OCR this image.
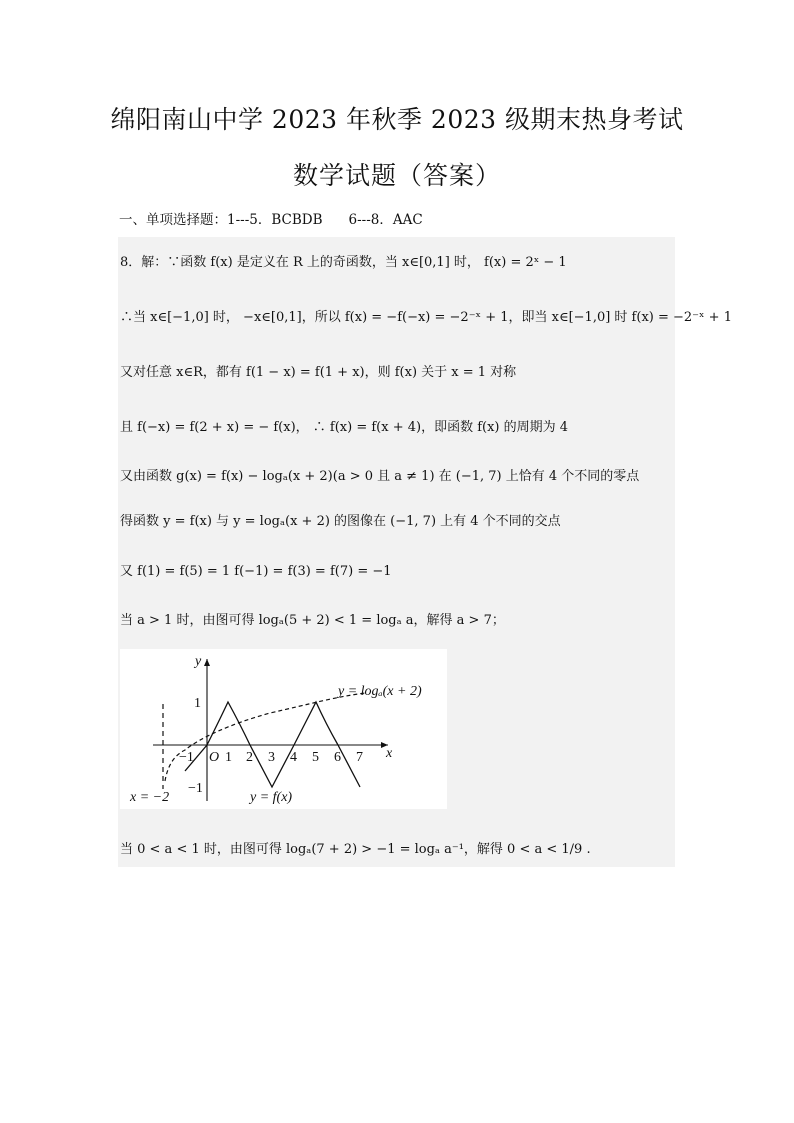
绵阳南山中学 2023 年秋季 2023 级期末热身考试
数学试题（答案）
一、单项选择题：1---5．BCBDB 6---8．AAC
8．解：∵函数 f(x) 是定义在 R 上的奇函数，当 x∈[0,1] 时， f(x) = 2ˣ − 1
∴当 x∈[−1,0] 时， −x∈[0,1]，所以 f(x) = −f(−x) = −2⁻ˣ + 1，即当 x∈[−1,0] 时 f(x) = −2⁻ˣ + 1
又对任意 x∈R，都有 f(1 − x) = f(1 + x)，则 f(x) 关于 x = 1 对称
且 f(−x) = f(2 + x) = − f(x)， ∴ f(x) = f(x + 4)，即函数 f(x) 的周期为 4
又由函数 g(x) = f(x) − logₐ(x + 2)(a > 0 且 a ≠ 1) 在 (−1, 7) 上恰有 4 个不同的零点
得函数 y = f(x) 与 y = logₐ(x + 2) 的图像在 (−1, 7) 上有 4 个不同的交点
又 f(1) = f(5) = 1 f(−1) = f(3) = f(7) = −1
当 a > 1 时，由图可得 logₐ(5 + 2) < 1 = logₐ a，解得 a > 7；
当 0 < a < 1 时，由图可得 logₐ(7 + 2) > −1 = logₐ a⁻¹，解得 0 < a < 1/9 .
y
x
O
−1 1 2 3 4 5 6 7
1
−1
y = logₐ(x + 2)
y = f(x)
x = −2
